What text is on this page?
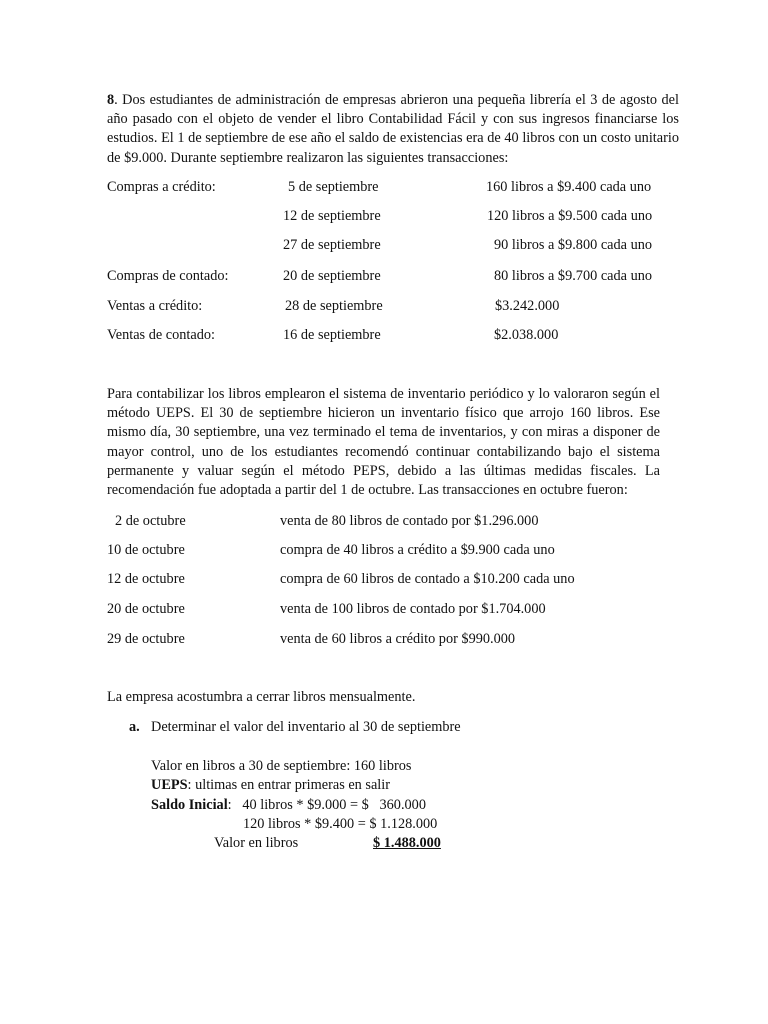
8. Dos estudiantes de administración de empresas abrieron una pequeña librería el 3 de agosto del año pasado con el objeto de vender el libro Contabilidad Fácil y con sus ingresos financiarse los estudios. El 1 de septiembre de ese año el saldo de existencias era de 40 libros con un costo unitario de $9.000. Durante septiembre realizaron las siguientes transacciones:
Compras a crédito:	5 de septiembre	160 libros a $9.400 cada uno
12 de septiembre	120 libros a $9.500 cada uno
27 de septiembre	90 libros a $9.800 cada uno
Compras de contado:	20 de septiembre	80 libros a $9.700 cada uno
Ventas a crédito:	28 de septiembre	$3.242.000
Ventas de contado:	16 de septiembre	$2.038.000
Para contabilizar los libros emplearon el sistema de inventario periódico y lo valoraron según el método UEPS. El 30 de septiembre hicieron un inventario físico que arrojo 160 libros. Ese mismo día, 30 septiembre, una vez terminado el tema de inventarios, y con miras a disponer de mayor control, uno de los estudiantes recomendó continuar contabilizando bajo el sistema permanente y valuar según el método PEPS, debido a las últimas medidas fiscales. La recomendación fue adoptada a partir del 1 de octubre. Las transacciones en octubre fueron:
2 de octubre	venta de 80 libros de contado por $1.296.000
10 de octubre	compra de 40 libros a crédito a $9.900 cada uno
12 de octubre	compra de 60 libros de contado a $10.200 cada uno
20 de octubre	venta de 100 libros de contado por $1.704.000
29 de octubre	venta de 60 libros a crédito por $990.000
La empresa acostumbra a cerrar libros mensualmente.
a. Determinar el valor del inventario al 30 de septiembre
Valor en libros a 30 de septiembre: 160 libros
UEPS: ultimas en entrar primeras en salir
Saldo Inicial:   40 libros * $9.000 = $   360.000
120 libros * $9.400 = $ 1.128.000
Valor en libros	$ 1.488.000
